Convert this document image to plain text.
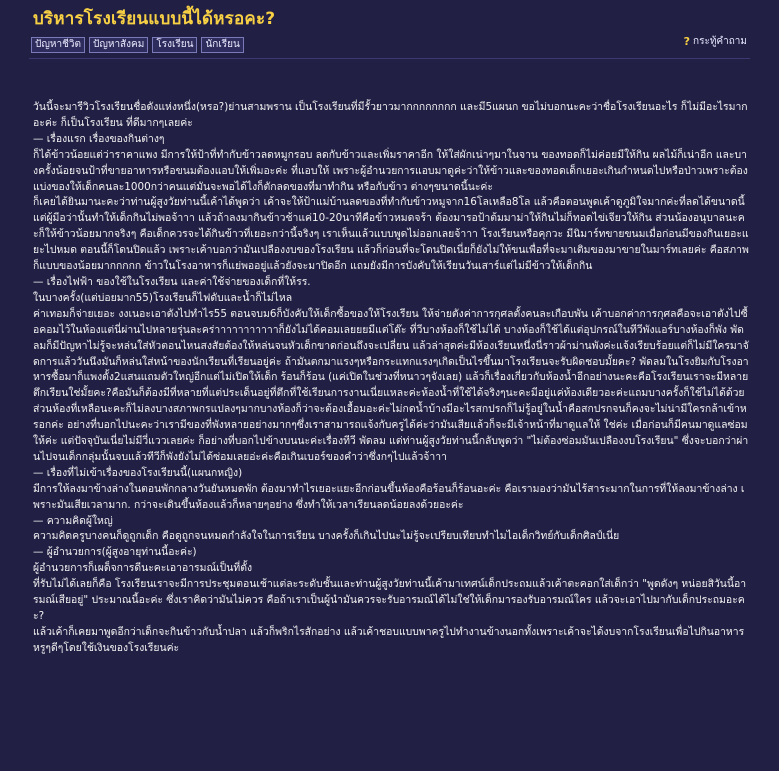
บริหารโรงเรียนแบบนี้ได้หรอคะ?
ปัญหาชีวิต	ปัญหาสังคม	โรงเรียน	นักเรียน	? กระทู้คำถาม

วันนี้จะมารีวิวโรงเรียนชื่อดังแห่งหนึ่ง(หรอ?)ย่านสามพราน เป็นโรงเรียนที่มีรั้วยาวมากกกกกกกก และมี5แผนก ขอไม่บอกนะคะว่าชื่อโรงเรียนอะไร ก็ไม่มีอะไรมากอะค่ะ ก็เป็นโรงเรียน ที่ดีมากๆเลยค่ะ

— เรื่องแรก เรื่องของกินต่างๆ

ก็ได้ข้าวน้อยแต่ว่าราคาแพง มีการให้ป้าที่ทำกับข้าวลดหมูกรอบ ลดกับข้าวและเพิ่มราคาอีก ให้ใส่ผักเน่าๆมาในจาน ของทอดก็ไม่ค่อยมีให้กิน ผลไม้ก็เน่าอีก และบางครั้งน้อยจนป้าที่ขายอาหารหรือขนมต้องแอบให้เพิ่มอะค่ะ ที่แอบให้ เพราะผู้อำนวยการแอบมาดูค่ะว่าให้ข้าวและของทอดเด็กเยอะเกินกำหนดไปหรือป่าวเพราะต้องแบ่งของให้เด็กคนละ1000กว่าคนแต่มันจะพอได้ไงก็ตักลดของที่มาทำกิน หรือกับข้าว ต่างๆขนาดนี้นะค่ะ

ก็เคยได้ยินมานะคะว่าท่านผู้สูงวัยท่านนี้เค้าได้พูดว่า เค้าจะให้ป้าแม่บ้านลดของที่ทำกับข้าวหมูจาก16โลเหลือ8โล แล้วคือตอนพูดเค้าดูภูมิใจมากค่ะที่ลดได้ขนาดนี้ แต่ผู้มีอว่านั้นทำให้เด็กกินไม่พอจ้าาา แล้วถ้าลงมากินข้าวช้าแค่10-20นาทีคือข้าวหมดจร้า ต้องมารอป้าต้มมาม่าให้กินไม่ก็ทอดไข่เจียวให้กิน ส่วนน้องอนุบาลนะคะก็ให้ข้าวน้อยมากจริงๆ คือเด็กควรจะได้กินข้าวที่เยอะกว่านี้จริงๆ เราเห็นแล้วแบบพูดไม่ออกเลยจ้าาา โรงเรียนหรือคุกวะ มีนิมาร์ทขายขนมเมื่อก่อนมีของกินเยอะแยะไปหมด ตอนนี้ก็โดนปิดแล้ว เพราะเค้าบอกว่ามันเปลืองงบของโรงเรียน แล้วก็ก่อนที่จะโดนปิดเนี่ยก็ยังไม่ให้ขนเพื่อที่จะมาเติมของมาขายในมาร์ทเลยค่ะ คือสภาพก็แบบของน้อยมากกกกก ข้าวในโรงอาหารก็แย่พออยู่แล้วยังจะมาปิดอีก แถมยังมีการบังคับให้เรียนวันเสาร์แต่ไม่มีข้าวให้เด็กกิน

— เรื่องไฟฟ้า ของใช้ในโรงเรียน และค่าใช้จ่ายของเด็กที่ให้รร.

ในบางครั้ง(แต่บ่อยมาก55)โรงเรียนก็ไฟดับและน้ำก็ไม่ไหล

ค่าเทอมก็จ่ายเยอะ งงเนอะเอาตังไปทำไร55 ตอนจบม6ก็บังคับให้เด็กซื้อของให้โรงเรียน ให้จ่ายตังค่าการกุศลตั้งคนละเกือบพัน เค้าบอกค่าการกุศลคือจะเอาตังไปซื้อคอมไว้ในห้องแต่นี่ผ่านไปหลายรุ่นละคร่าาาาาาาาาาาก็ยังไม่ได้คอมเลยยยมีแต่โต๊ะ ที่วีบางห้องก็ใช้ไม่ได้ บางห้องก็ใช้ได้แต่อุปกรณ์ในทีวีพังแอร์บางห้องก็พัง พัดลมก็มีปัญหาไม่รู้จะหล่นใส่หัวตอนไหนสงสัยต้องให้หล่นจนหัวเด็กขาดก่อนถึงจะเปลี่ยน แล้วล่าสุดค่ะมีห้องเรียนหนึ่งนี่ราวผ้าม่านพังค่ะแจ้งเรียบร้อยแต่ก็ไม่มีใครมาจัดการแล้ววันนึงมันก็หล่นใส่หน้าของนักเรียนที่เรียนอยู่ค่ะ ถ้ามันตกมาแรงๆหรือกระแทกแรงๆเกิดเป็นไรขึ้นมาโรงเรียนจะรับผิดชอบมั้ยคะ? พัดลมในโรงยิมกับโรงอาหารซื้อมาก็แพงตั้ง2แสนแถมตัวใหญ่อีกแต่ไม่เปิดให้เด็ก ร้อนก็ร้อน (แค่เปิดในช่วงที่หนาวๆจังเลย) แล้วก็เรื่องเกี่ยวกับห้องน้ำอีกอย่างนะคะคือโรงเรียนเราจะมีหลายตึกเรียนใช่มั้ยคะ?คือมันก็ต้องมีที่หลายที่แต่ประเด็นอยู่ที่ตึกที่ใช้เรียนการงานเนี่ยแหละค่ะห้องน้ำที่ใช้ได้จริงๆนะคะมีอยู่แค่ห้องเดียวอะค่ะแถมบางครั้งก็ใช้ไม่ได้ด้วยส่วนห้องที่เหลือนะคะก็ไม่ลงบางสภาพกรแปลงๆมากบางห้องก็ว่าจะต้องเอื้อมอะค่ะไม่กดน้ำบ้างมีอะไรสกปรกก็ไม่รู้อยู่ในน้ำคือสกปรกจนก็คงจะไม่น่ามีใครกล้าเข้าหรอกค่ะ อย่างที่บอกไปนะคะว่าเรามีของที่พังหลายอย่างมากๆซึ่งเราสามารถแจ้งกับครูได้ค่ะว่ามันเสียแล้วก็จะมีเจ้าหน้าที่มาดูแลให้ ใช่ค่ะ เมื่อก่อนก็มีคนมาดูแลซ่อมให้ค่ะ แต่ปัจจุบันเนี่ยไม่มีวี่แววเลยค่ะ ก็อย่างที่บอกไปข้างบนนะค่ะเรื่องทีวี พัดลม แต่ท่านผู้สูงวัยท่านนี้กลับพูดว่า "ไม่ต้องซ่อมมันเปลืองงบโรงเรียน" ซึ่งจะบอกว่าผ่านไปจนเด็กกลุ่มนั้นจบแล้วทีวีก็พังยังไม่ได้ซ่อมเลยอ่ะค่ะคือเกินเบอร์ของคำว่าซึ่งกๆไปแล้วจ้าาา

— เรื่องที่ไม่เข้าเรื่องของโรงเรียนนี้(แผนกหญิง)

มีการให้ลงมาข้างล่างในตอนพักกลางวันยันหมดพัก ต้องมาทำไรเยอะแยะอีกก่อนขึ้นห้องคือร้อนก็ร้อนอะค่ะ คือเรามองว่ามันไร้สาระมากในการที่ให้ลงมาข้างล่าง เพราะมันเสียเวลามาก. กว่าจะเดินขึ้นห้องแล้วก็หลายๆอย่าง ซึ่งทำให้เวลาเรียนลดน้อยลงด้วยอะค่ะ

— ความคิดผู้ใหญ่

ความคิดครูบางคนก็ดูถูกเด็ก คือดูถูกจนหมดกำลังใจในการเรียน บางครั้งก็เกินไปนะไม่รู้จะเปรียบเทียบทำไมไอเด็กวิทย์กับเด็กศิลป์เนี่ย

— ผู้อำนวยการ(ผู้สูงอายุท่านนี้อะค่ะ)

ผู้อำนวยการก็เผด็จการดีนะคะเอาอารมณ์เป็นที่ตั้ง

ที่รับไม่ได้เลยก็คือ โรงเรียนเราจะมีการประชุมตอนเช้าแต่ละระดับชั้นและท่านผู้สูงวัยท่านนี้เค้ามาเทศน์เด็กประถมแล้วเค้าตะคอกใส่เด็กว่า "พูดดังๆ หน่อยสิวันนี้อารมณ์เสียอยู่" ประมาณนี้อะค่ะ ซึ่งเราคิดว่ามันไม่ควร คือถ้าเราเป็นผู้นำมันควรจะรับอารมณ์ได้ไม่ใช่ให้เด็กมารองรับอารมณ์ใคร แล้วจะเอาไปมากับเด็กประถมอะคะ?

แล้วเค้าก็เคยมาพูดอีกว่าเด็กจะกินข้าวกับน้ำปลา แล้วก็พริกไรสักอย่าง แล้วเค้าชอบแบบพาครูไปทำงานข้างนอกทั้งเพราะเค้าจะได้งบจากโรงเรียนเพื่อไปกินอาหารหรูๆดีๆโดยใช้เงินของโรงเรียนค่ะ
